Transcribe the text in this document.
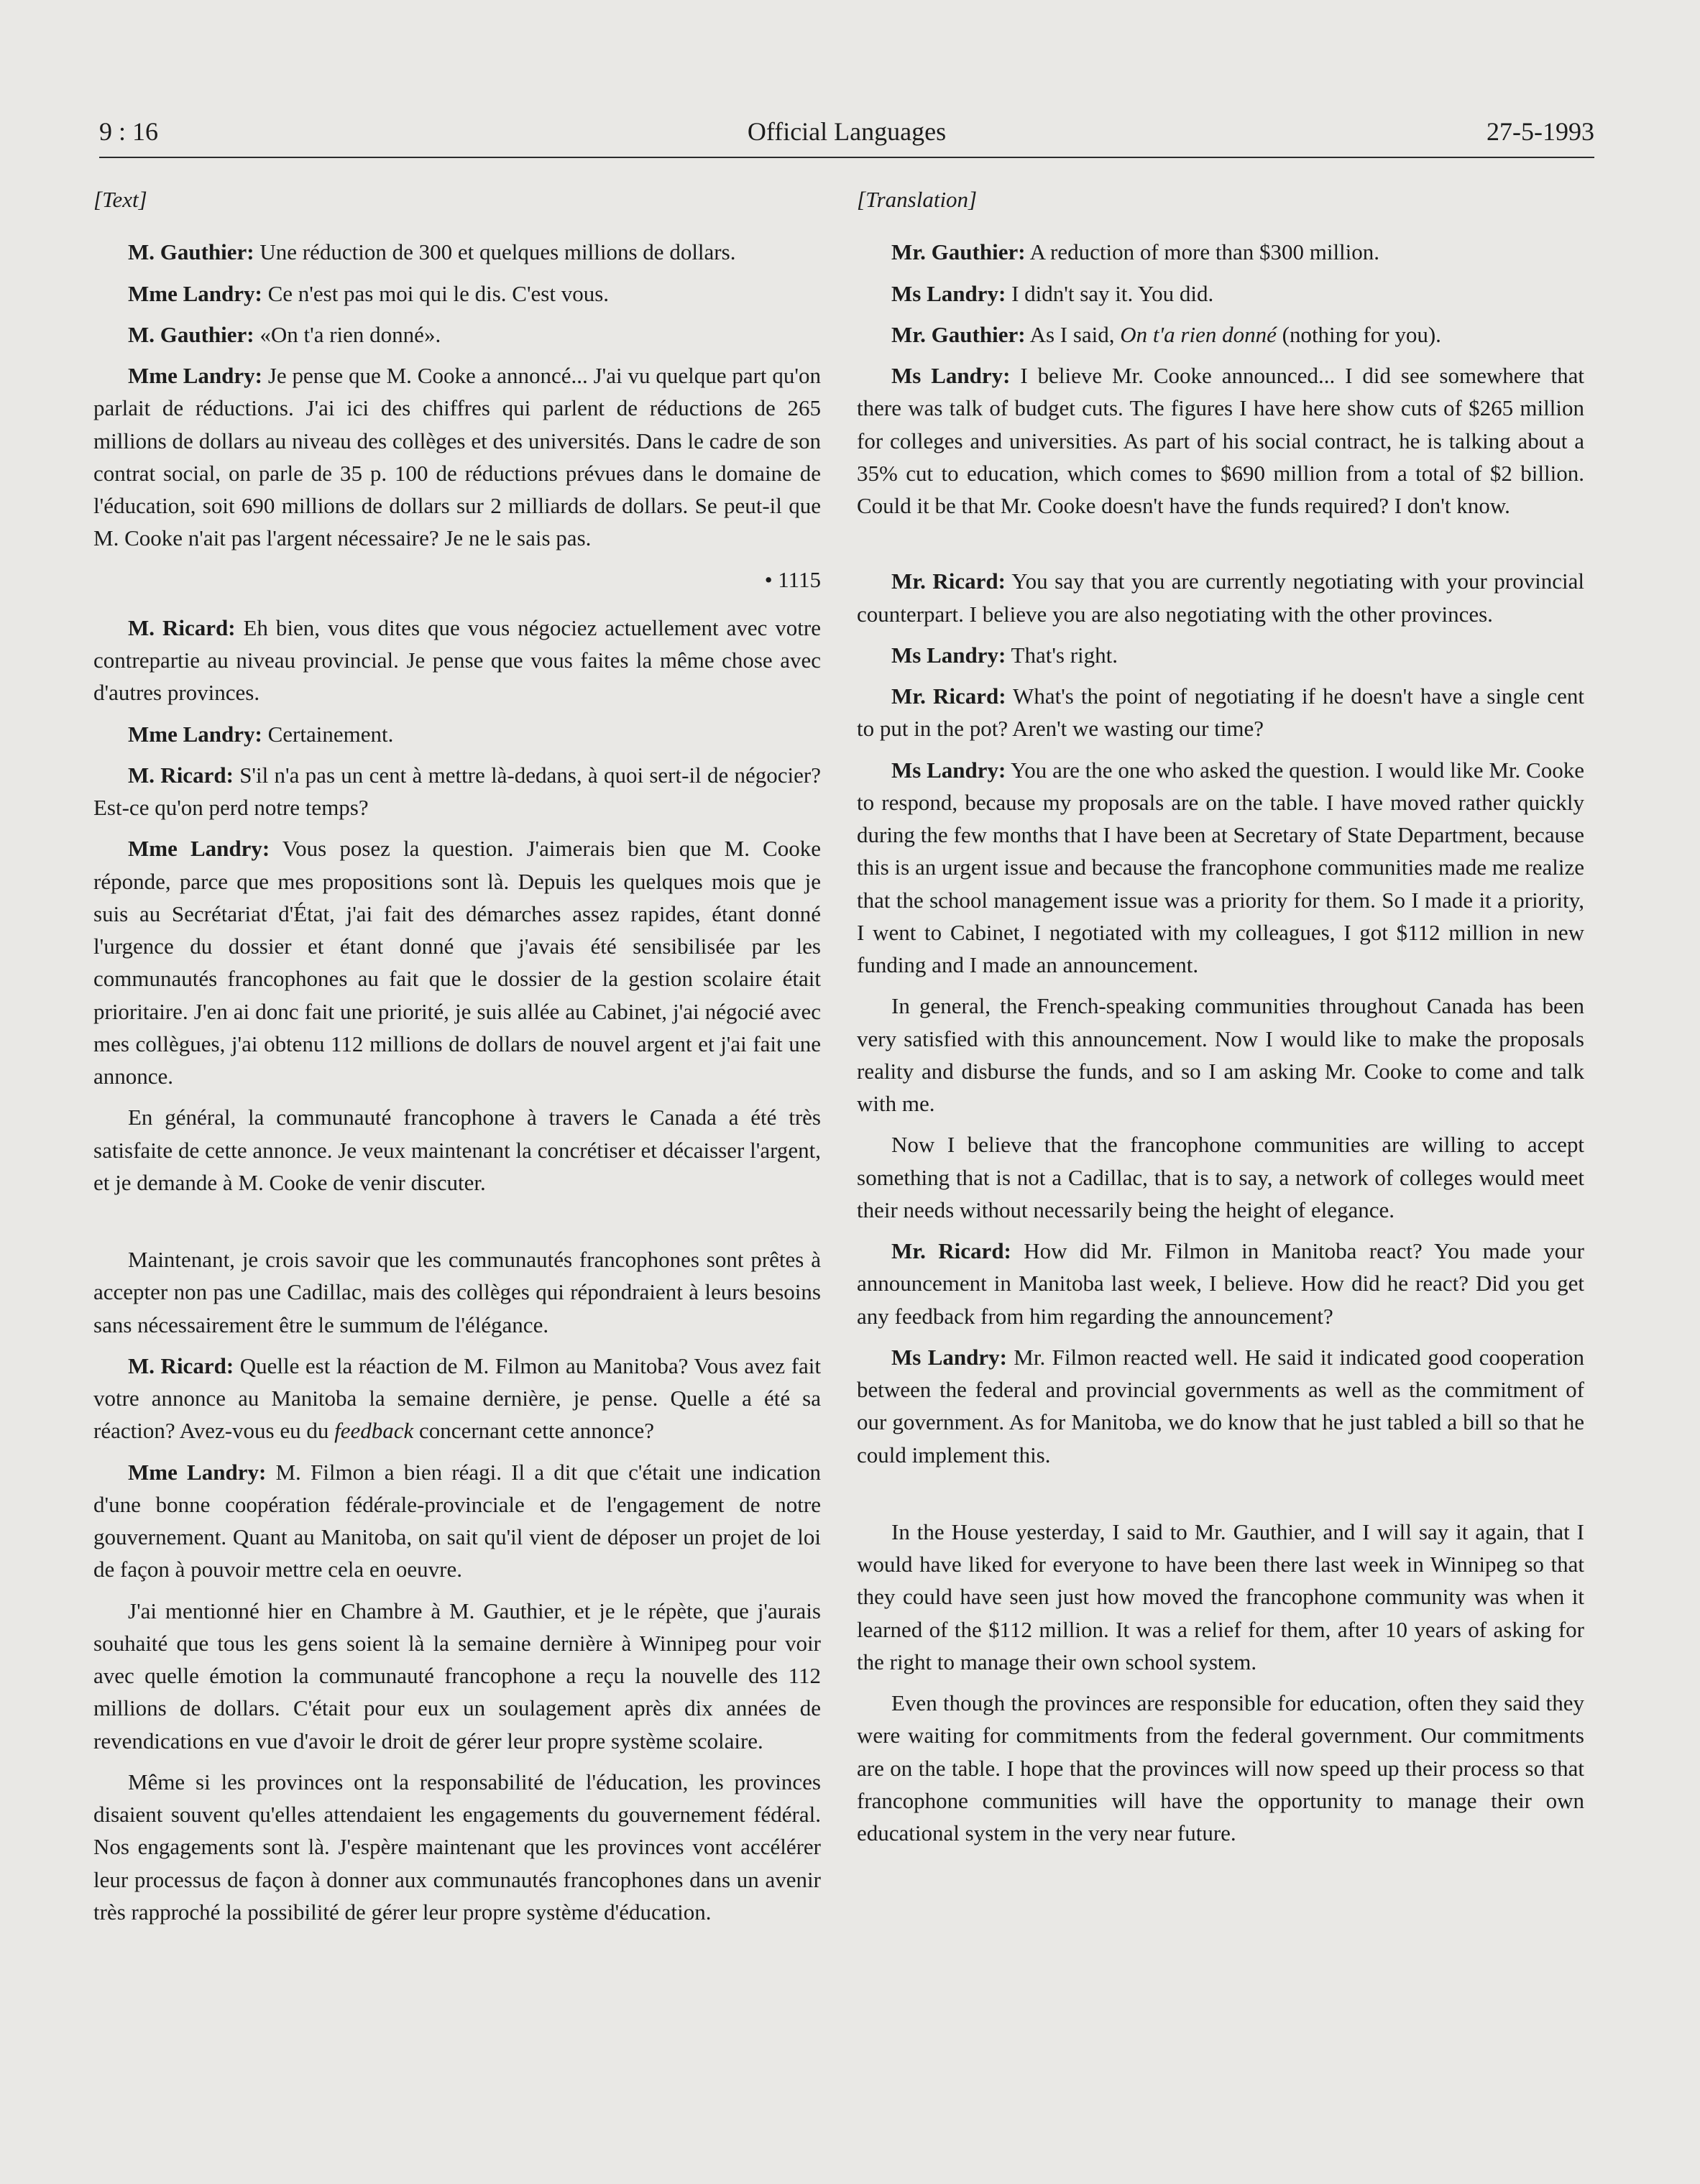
9 : 16	Official Languages	27-5-1993

[Text]

M. Gauthier: Une réduction de 300 et quelques millions de dollars.

Mme Landry: Ce n'est pas moi qui le dis. C'est vous.

M. Gauthier: «On t'a rien donné».

Mme Landry: Je pense que M. Cooke a annoncé... J'ai vu quelque part qu'on parlait de réductions. J'ai ici des chiffres qui parlent de réductions de 265 millions de dollars au niveau des collèges et des universités. Dans le cadre de son contrat social, on parle de 35 p. 100 de réductions prévues dans le domaine de l'éducation, soit 690 millions de dollars sur 2 milliards de dollars. Se peut-il que M. Cooke n'ait pas l'argent nécessaire? Je ne le sais pas.

• 1115

M. Ricard: Eh bien, vous dites que vous négociez actuellement avec votre contrepartie au niveau provincial. Je pense que vous faites la même chose avec d'autres provinces.

Mme Landry: Certainement.

M. Ricard: S'il n'a pas un cent à mettre là-dedans, à quoi sert-il de négocier? Est-ce qu'on perd notre temps?

Mme Landry: Vous posez la question. J'aimerais bien que M. Cooke réponde, parce que mes propositions sont là. Depuis les quelques mois que je suis au Secrétariat d'État, j'ai fait des démarches assez rapides, étant donné l'urgence du dossier et étant donné que j'avais été sensibilisée par les communautés francophones au fait que le dossier de la gestion scolaire était prioritaire. J'en ai donc fait une priorité, je suis allée au Cabinet, j'ai négocié avec mes collègues, j'ai obtenu 112 millions de dollars de nouvel argent et j'ai fait une annonce.

En général, la communauté francophone à travers le Canada a été très satisfaite de cette annonce. Je veux maintenant la concrétiser et décaisser l'argent, et je demande à M. Cooke de venir discuter.

Maintenant, je crois savoir que les communautés francophones sont prêtes à accepter non pas une Cadillac, mais des collèges qui répondraient à leurs besoins sans nécessairement être le summum de l'élégance.

M. Ricard: Quelle est la réaction de M. Filmon au Manitoba? Vous avez fait votre annonce au Manitoba la semaine dernière, je pense. Quelle a été sa réaction? Avez-vous eu du feedback concernant cette annonce?

Mme Landry: M. Filmon a bien réagi. Il a dit que c'était une indication d'une bonne coopération fédérale-provinciale et de l'engagement de notre gouvernement. Quant au Manitoba, on sait qu'il vient de déposer un projet de loi de façon à pouvoir mettre cela en oeuvre.

J'ai mentionné hier en Chambre à M. Gauthier, et je le répète, que j'aurais souhaité que tous les gens soient là la semaine dernière à Winnipeg pour voir avec quelle émotion la communauté francophone a reçu la nouvelle des 112 millions de dollars. C'était pour eux un soulagement après dix années de revendications en vue d'avoir le droit de gérer leur propre système scolaire.

Même si les provinces ont la responsabilité de l'éducation, les provinces disaient souvent qu'elles attendaient les engagements du gouvernement fédéral. Nos engagements sont là. J'espère maintenant que les provinces vont accélérer leur processus de façon à donner aux communautés francophones dans un avenir très rapproché la possibilité de gérer leur propre système d'éducation.

[Translation]

Mr. Gauthier: A reduction of more than $300 million.

Ms Landry: I didn't say it. You did.

Mr. Gauthier: As I said, On t'a rien donné (nothing for you).

Ms Landry: I believe Mr. Cooke announced... I did see somewhere that there was talk of budget cuts. The figures I have here show cuts of $265 million for colleges and universities. As part of his social contract, he is talking about a 35% cut to education, which comes to $690 million from a total of $2 billion. Could it be that Mr. Cooke doesn't have the funds required? I don't know.

Mr. Ricard: You say that you are currently negotiating with your provincial counterpart. I believe you are also negotiating with the other provinces.

Ms Landry: That's right.

Mr. Ricard: What's the point of negotiating if he doesn't have a single cent to put in the pot? Aren't we wasting our time?

Ms Landry: You are the one who asked the question. I would like Mr. Cooke to respond, because my proposals are on the table. I have moved rather quickly during the few months that I have been at Secretary of State Department, because this is an urgent issue and because the francophone communities made me realize that the school management issue was a priority for them. So I made it a priority, I went to Cabinet, I negotiated with my colleagues, I got $112 million in new funding and I made an announcement.

In general, the French-speaking communities throughout Canada has been very satisfied with this announcement. Now I would like to make the proposals reality and disburse the funds, and so I am asking Mr. Cooke to come and talk with me.

Now I believe that the francophone communities are willing to accept something that is not a Cadillac, that is to say, a network of colleges would meet their needs without necessarily being the height of elegance.

Mr. Ricard: How did Mr. Filmon in Manitoba react? You made your announcement in Manitoba last week, I believe. How did he react? Did you get any feedback from him regarding the announcement?

Ms Landry: Mr. Filmon reacted well. He said it indicated good cooperation between the federal and provincial governments as well as the commitment of our government. As for Manitoba, we do know that he just tabled a bill so that he could implement this.

In the House yesterday, I said to Mr. Gauthier, and I will say it again, that I would have liked for everyone to have been there last week in Winnipeg so that they could have seen just how moved the francophone community was when it learned of the $112 million. It was a relief for them, after 10 years of asking for the right to manage their own school system.

Even though the provinces are responsible for education, often they said they were waiting for commitments from the federal government. Our commitments are on the table. I hope that the provinces will now speed up their process so that francophone communities will have the opportunity to manage their own educational system in the very near future.
